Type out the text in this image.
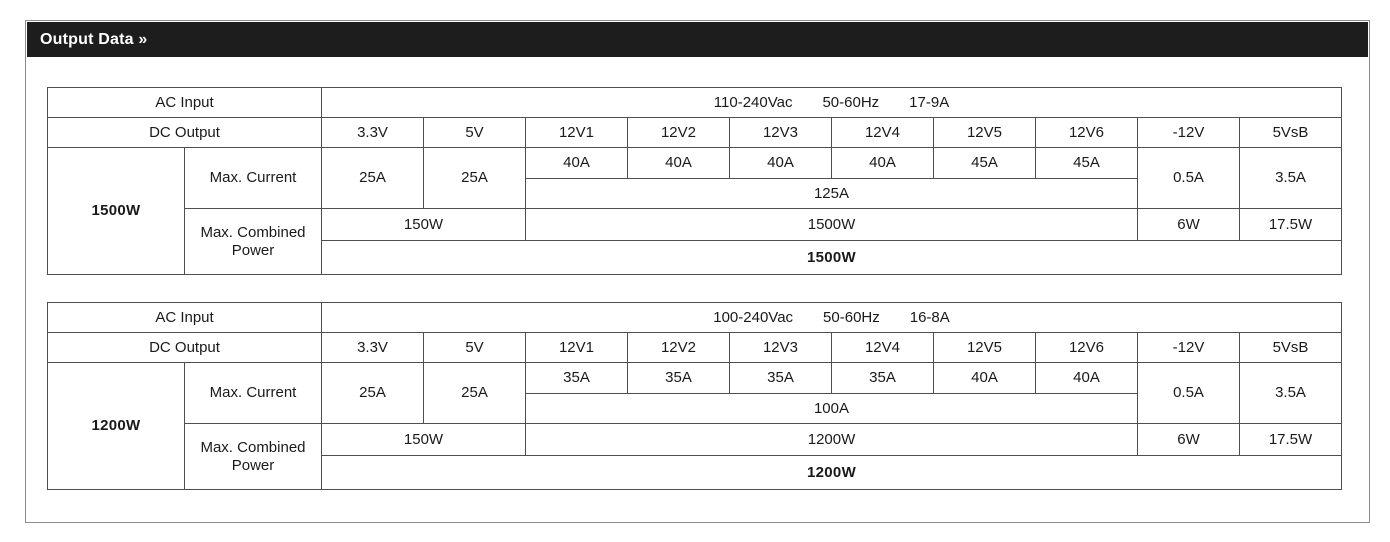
Output Data »
AC Input		110-240Vac 50-60Hz 17-9A									

DC Output		3.3V	5V	12V1	12V2	12V3	12V4	12V5	12V6	-12V	5VsB
1500W	Max. Current	25A	25A	40A	40A	40A	40A	45A	45A	0.5A	3.5A
				125A							
	Max. Combined Power	150W		1500W						6W	17.5W
		1500W									
AC Input		100-240Vac 50-60Hz 16-8A									

DC Output		3.3V	5V	12V1	12V2	12V3	12V4	12V5	12V6	-12V	5VsB
1200W	Max. Current	25A	25A	35A	35A	35A	35A	40A	40A	0.5A	3.5A
				100A							
	Max. Combined Power	150W		1200W						6W	17.5W
		1200W									
